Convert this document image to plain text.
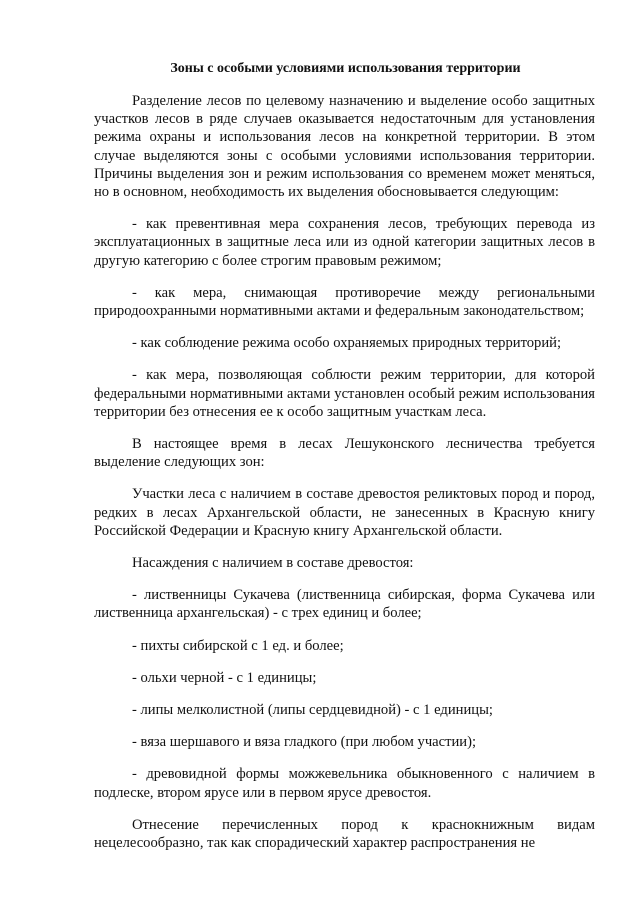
Зоны с особыми условиями использования территории

Разделение лесов по целевому назначению и выделение особо защитных участков лесов в ряде случаев оказывается недостаточным для установления режима охраны и использования лесов на конкретной территории. В этом случае выделяются зоны с особыми условиями использования территории. Причины выделения зон и режим использования со временем может меняться, но в основном, необходимость их выделения обосновывается следующим:

- как превентивная мера сохранения лесов, требующих перевода из эксплуатационных в защитные леса или из одной категории защитных лесов в другую категорию с более строгим правовым режимом;

- как мера, снимающая противоречие между региональными природоохранными нормативными актами и федеральным законодательством;

- как соблюдение режима особо охраняемых природных территорий;

- как мера, позволяющая соблюсти режим территории, для которой федеральными нормативными актами установлен особый режим использования территории без отнесения ее к особо защитным участкам леса.

В настоящее время в лесах Лешуконского лесничества требуется выделение следующих зон:

Участки леса с наличием в составе древостоя реликтовых пород и пород, редких в лесах Архангельской области, не занесенных в Красную книгу Российской Федерации и Красную книгу Архангельской области.

Насаждения с наличием в составе древостоя:

- лиственницы Сукачева (лиственница сибирская, форма Сукачева или лиственница архангельская) - с трех единиц и более;

- пихты сибирской с 1 ед. и более;

- ольхи черной - с 1 единицы;

- липы мелколистной (липы сердцевидной) - с 1 единицы;

- вяза шершавого и вяза гладкого (при любом участии);

- древовидной формы можжевельника обыкновенного с наличием в подлеске, втором ярусе или в первом ярусе древостоя.

Отнесение перечисленных пород к краснокнижным видам нецелесообразно, так как спорадический характер распространения не
